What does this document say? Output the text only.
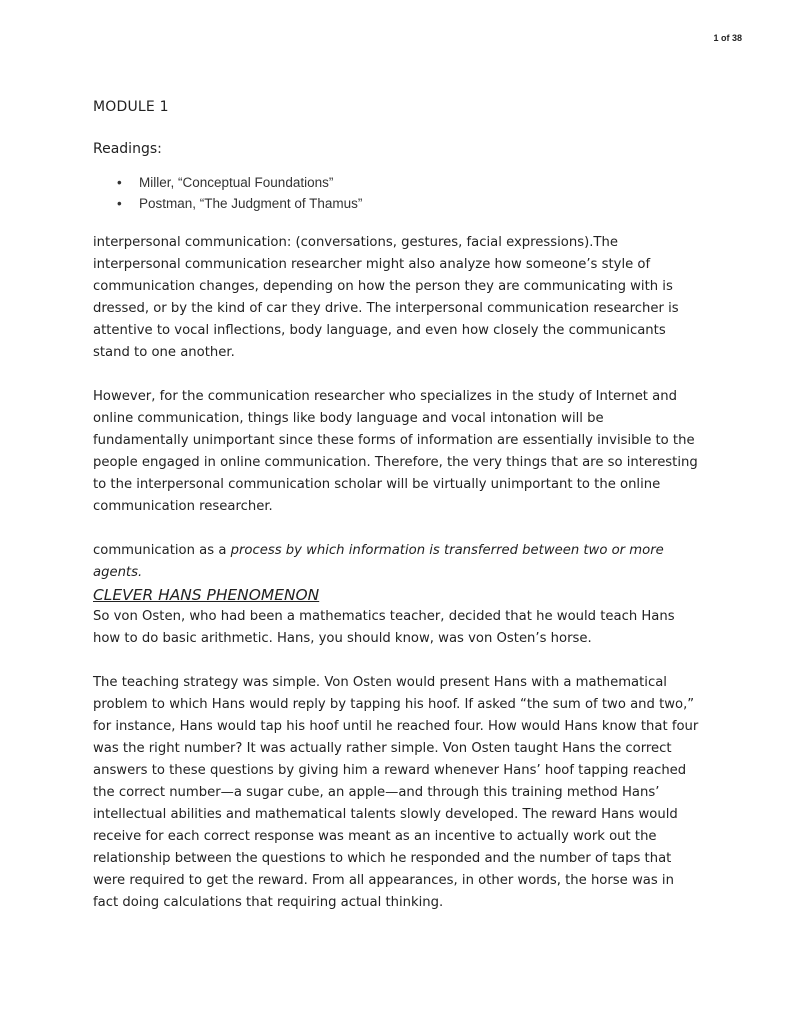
1 of 38
MODULE 1
Readings:
• Miller, “Conceptual Foundations”
• Postman, “The Judgment of Thamus”

interpersonal communication: (conversations, gestures, facial expressions).The interpersonal communication researcher might also analyze how someone’s style of communication changes, depending on how the person they are communicating with is dressed, or by the kind of car they drive. The interpersonal communication researcher is attentive to vocal inflections, body language, and even how closely the communicants stand to one another.

However, for the communication researcher who specializes in the study of Internet and online communication, things like body language and vocal intonation will be fundamentally unimportant since these forms of information are essentially invisible to the people engaged in online communication. Therefore, the very things that are so interesting to the interpersonal communication scholar will be virtually unimportant to the online communication researcher.

communication as a process by which information is transferred between two or more agents.

CLEVER HANS PHENOMENON

So von Osten, who had been a mathematics teacher, decided that he would teach Hans how to do basic arithmetic. Hans, you should know, was von Osten’s horse.

The teaching strategy was simple. Von Osten would present Hans with a mathematical problem to which Hans would reply by tapping his hoof. If asked “the sum of two and two,” for instance, Hans would tap his hoof until he reached four. How would Hans know that four was the right number? It was actually rather simple. Von Osten taught Hans the correct answers to these questions by giving him a reward whenever Hans’ hoof tapping reached the correct number—a sugar cube, an apple—and through this training method Hans’ intellectual abilities and mathematical talents slowly developed. The reward Hans would receive for each correct response was meant as an incentive to actually work out the relationship between the questions to which he responded and the number of taps that were required to get the reward. From all appearances, in other words, the horse was in fact doing calculations that requiring actual thinking.
